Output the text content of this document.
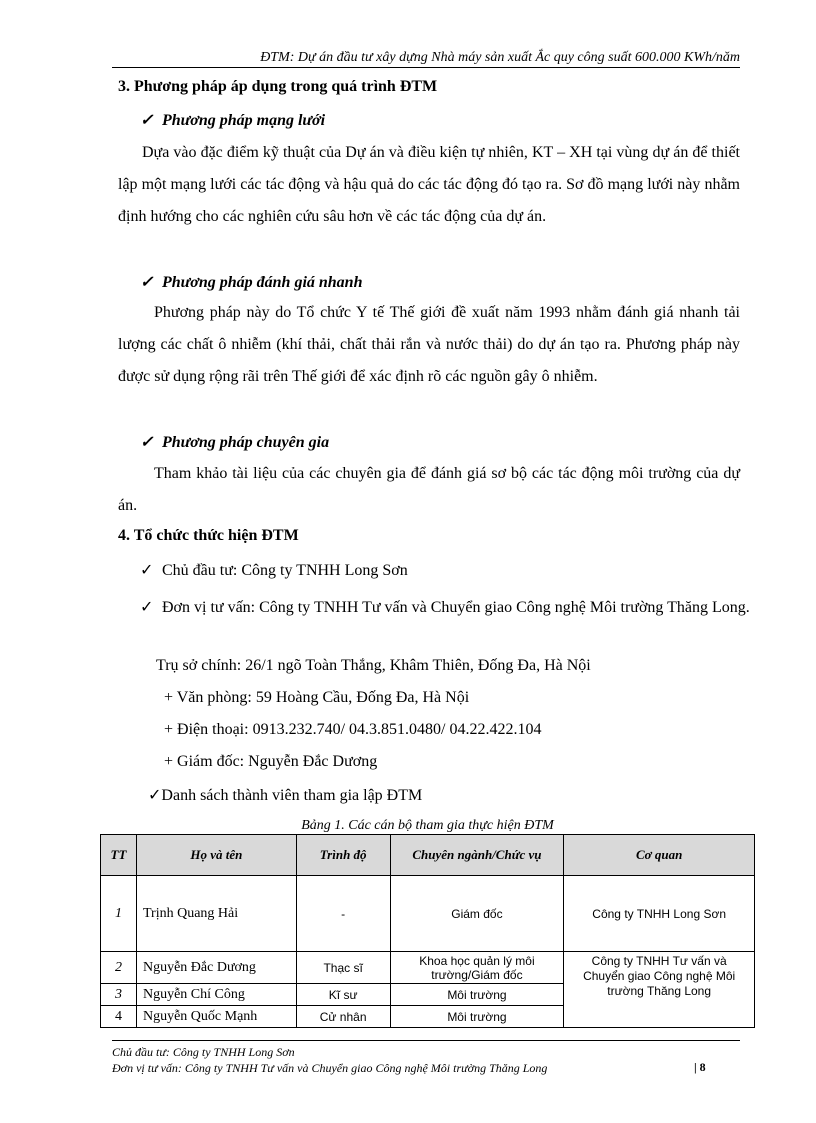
ĐTM: Dự án đầu tư xây dựng Nhà máy sản xuất Ắc quy công suất 600.000 KWh/năm
3. Phương pháp áp dụng trong quá trình ĐTM
✓ Phương pháp mạng lưới
Dựa vào đặc điểm kỹ thuật của Dự án và điều kiện tự nhiên, KT – XH tại vùng dự án để thiết lập một mạng lưới các tác động và hậu quả do các tác động đó tạo ra. Sơ đồ mạng lưới này nhằm định hướng cho các nghiên cứu sâu hơn về các tác động của dự án.
✓ Phương pháp đánh giá nhanh
Phương pháp này do Tổ chức Y tế Thế giới đề xuất năm 1993 nhằm đánh giá nhanh tải lượng các chất ô nhiễm (khí thải, chất thải rắn và nước thải) do dự án tạo ra. Phương pháp này được sử dụng rộng rãi trên Thế giới để xác định rõ các nguồn gây ô nhiễm.
✓ Phương pháp chuyên gia
Tham khảo tài liệu của các chuyên gia để đánh giá sơ bộ các tác động môi trường của dự án.
4. Tổ chức thức hiện ĐTM
✓ Chủ đầu tư: Công ty TNHH Long Sơn
✓ Đơn vị tư vấn: Công ty TNHH Tư vấn và Chuyển giao Công nghệ Môi trường Thăng Long.
Trụ sở chính: 26/1 ngõ Toàn Thắng, Khâm Thiên, Đống Đa, Hà Nội
+ Văn phòng: 59 Hoàng Cầu, Đống Đa, Hà Nội
+ Điện thoại: 0913.232.740/ 04.3.851.0480/ 04.22.422.104
+ Giám đốc: Nguyễn Đắc Dương
✓Danh sách thành viên tham gia lập ĐTM
Bảng 1. Các cán bộ tham gia thực hiện ĐTM
TT	Họ và tên	Trình độ	Chuyên ngành/Chức vụ	Cơ quan
1	Trịnh Quang Hải	-	Giám đốc	Công ty TNHH Long Sơn
2	Nguyễn Đắc Dương	Thạc sĩ	Khoa học quản lý môi trường/Giám đốc	Công ty TNHH Tư vấn và Chuyển giao Công nghệ Môi trường Thăng Long
3	Nguyễn Chí Công	Kĩ sư	Môi trường	
4	Nguyễn Quốc Mạnh	Cử nhân	Môi trường	
Chủ đầu tư: Công ty TNHH Long Sơn
Đơn vị tư vấn: Công ty TNHH Tư vấn và Chuyển giao Công nghệ Môi trường Thăng Long	| 8
